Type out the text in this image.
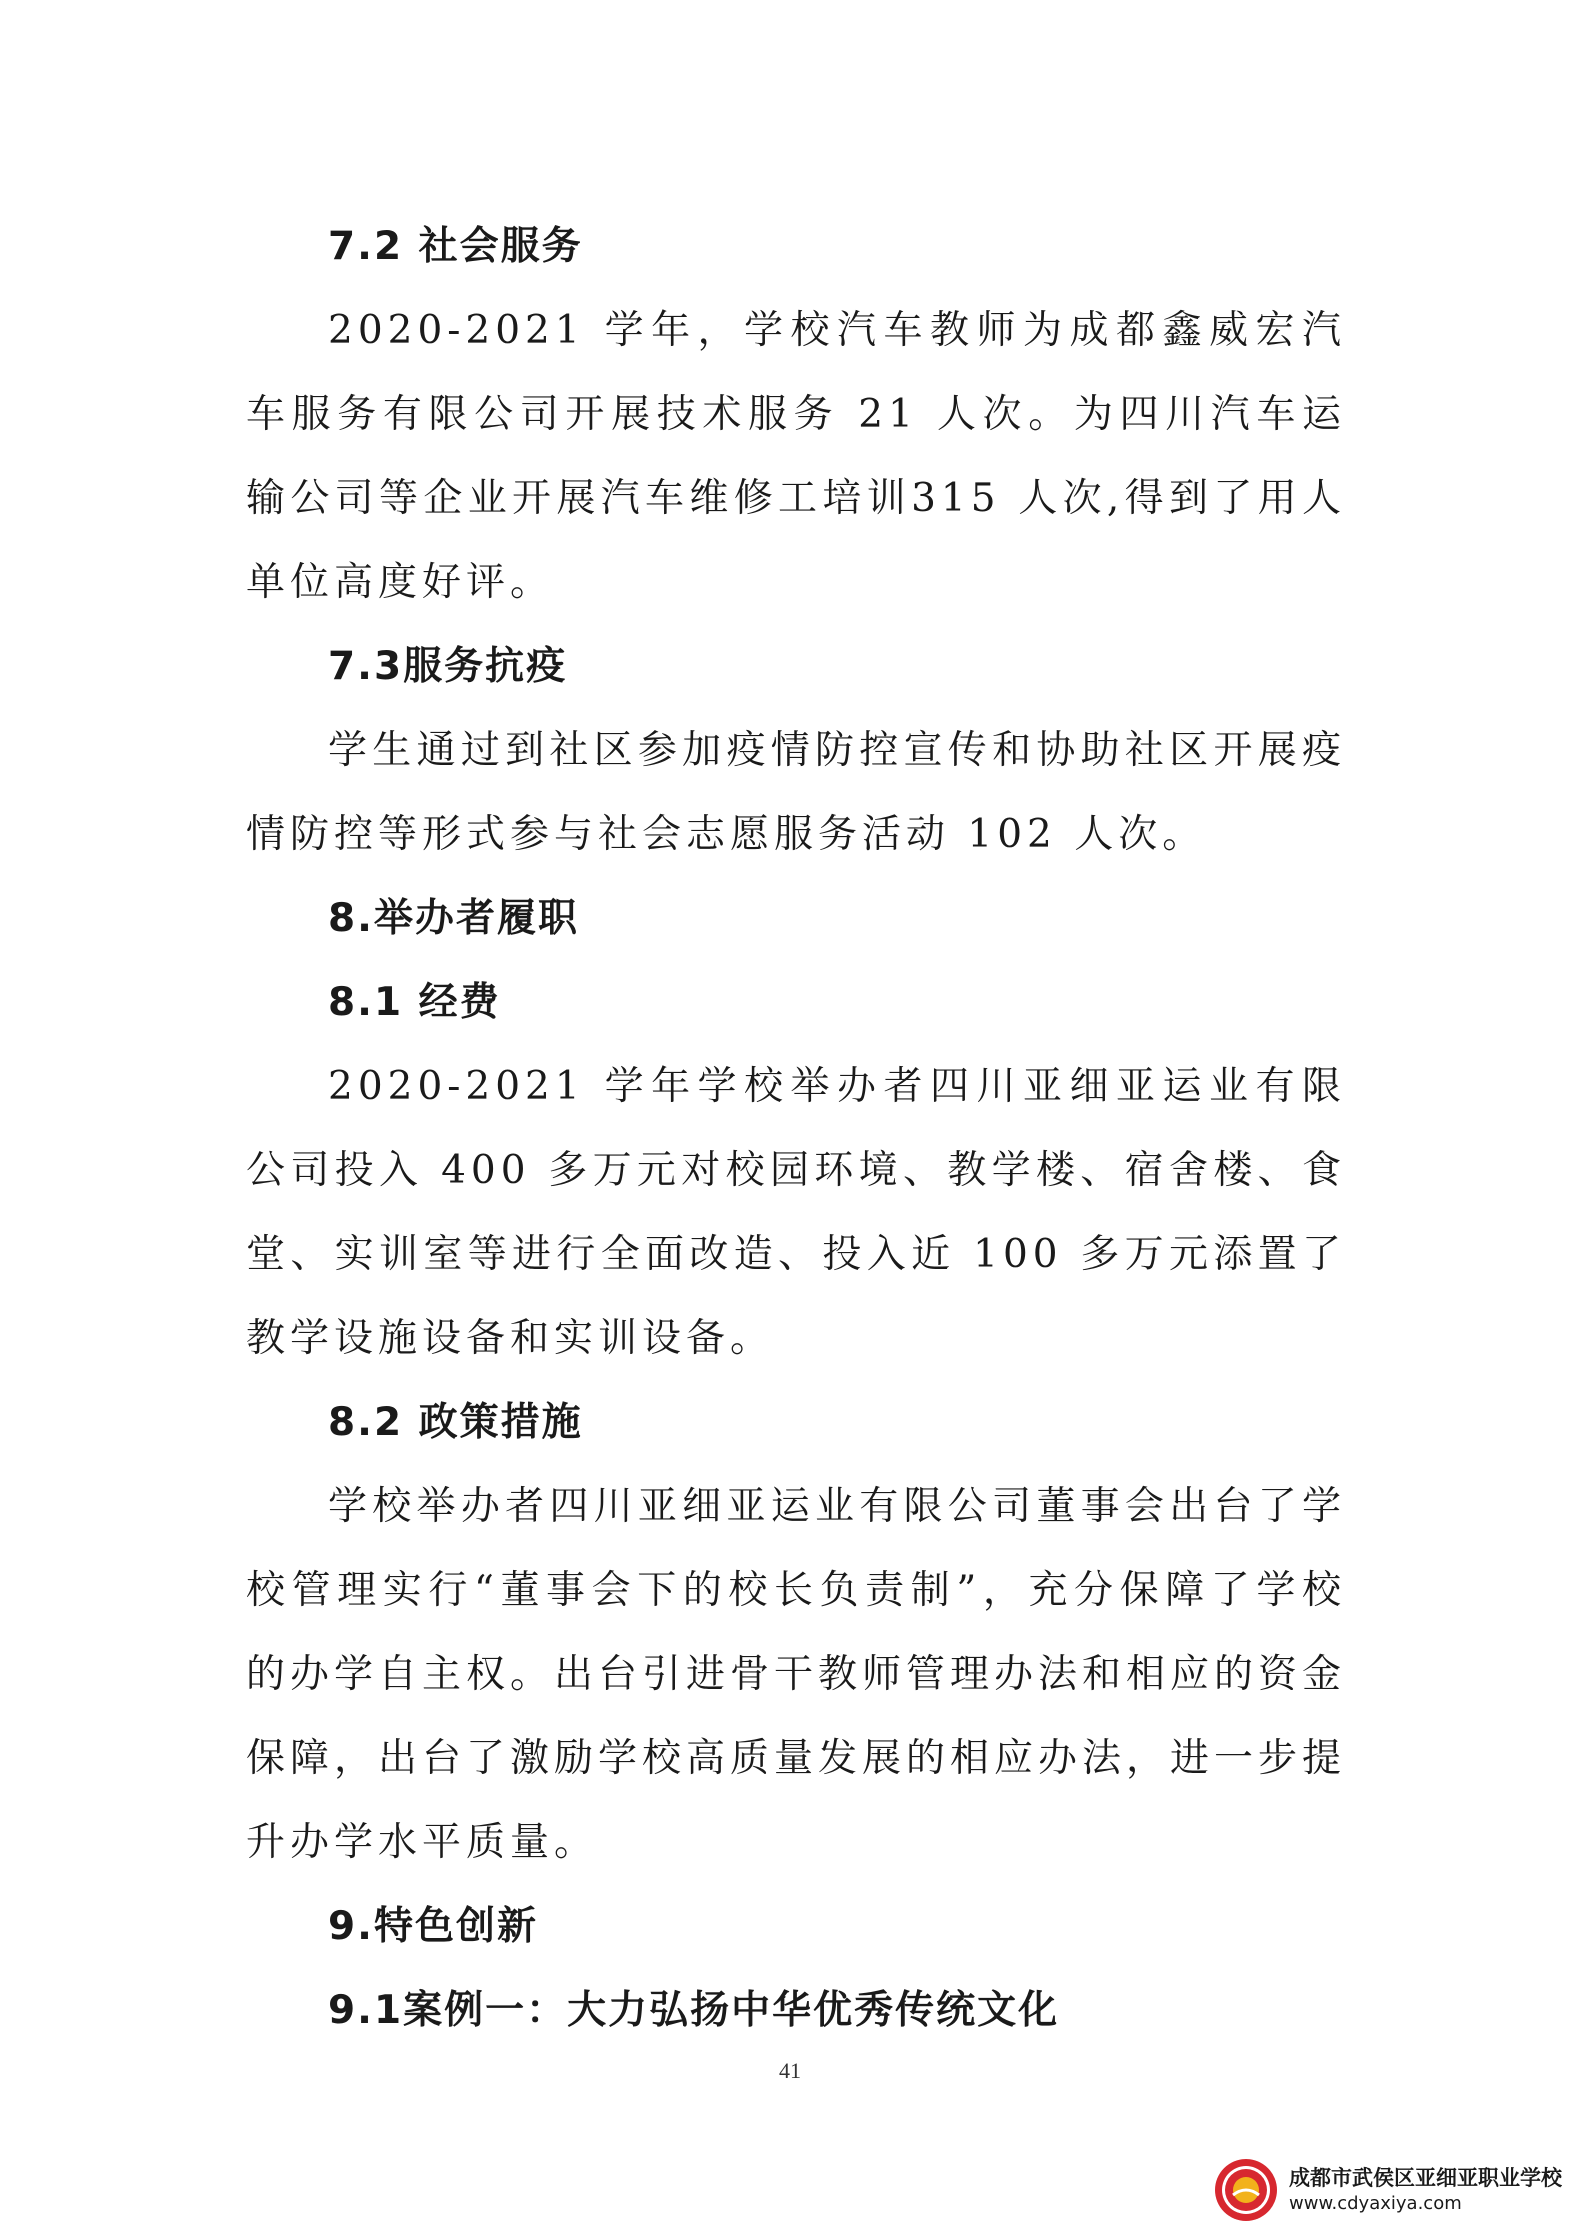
7.2 社会服务

2020-2021 学年，学校汽车教师为成都鑫威宏汽车服务有限公司开展技术服务 21 人次。为四川汽车运输公司等企业开展汽车维修工培训315 人次,得到了用人单位高度好评。

7.3服务抗疫

学生通过到社区参加疫情防控宣传和协助社区开展疫情防控等形式参与社会志愿服务活动 102 人次。

8.举办者履职
8.1 经费

2020-2021 学年学校举办者四川亚细亚运业有限公司投入 400 多万元对校园环境、教学楼、宿舍楼、食堂、实训室等进行全面改造、投入近 100 多万元添置了教学设施设备和实训设备。

8.2 政策措施

学校举办者四川亚细亚运业有限公司董事会出台了学校管理实行“董事会下的校长负责制”，充分保障了学校的办学自主权。出台引进骨干教师管理办法和相应的资金保障，出台了激励学校高质量发展的相应办法，进一步提升办学水平质量。

9.特色创新
9.1案例一：大力弘扬中华优秀传统文化
41
成都市武侯区亚细亚职业学校
www.cdyaxiya.com
